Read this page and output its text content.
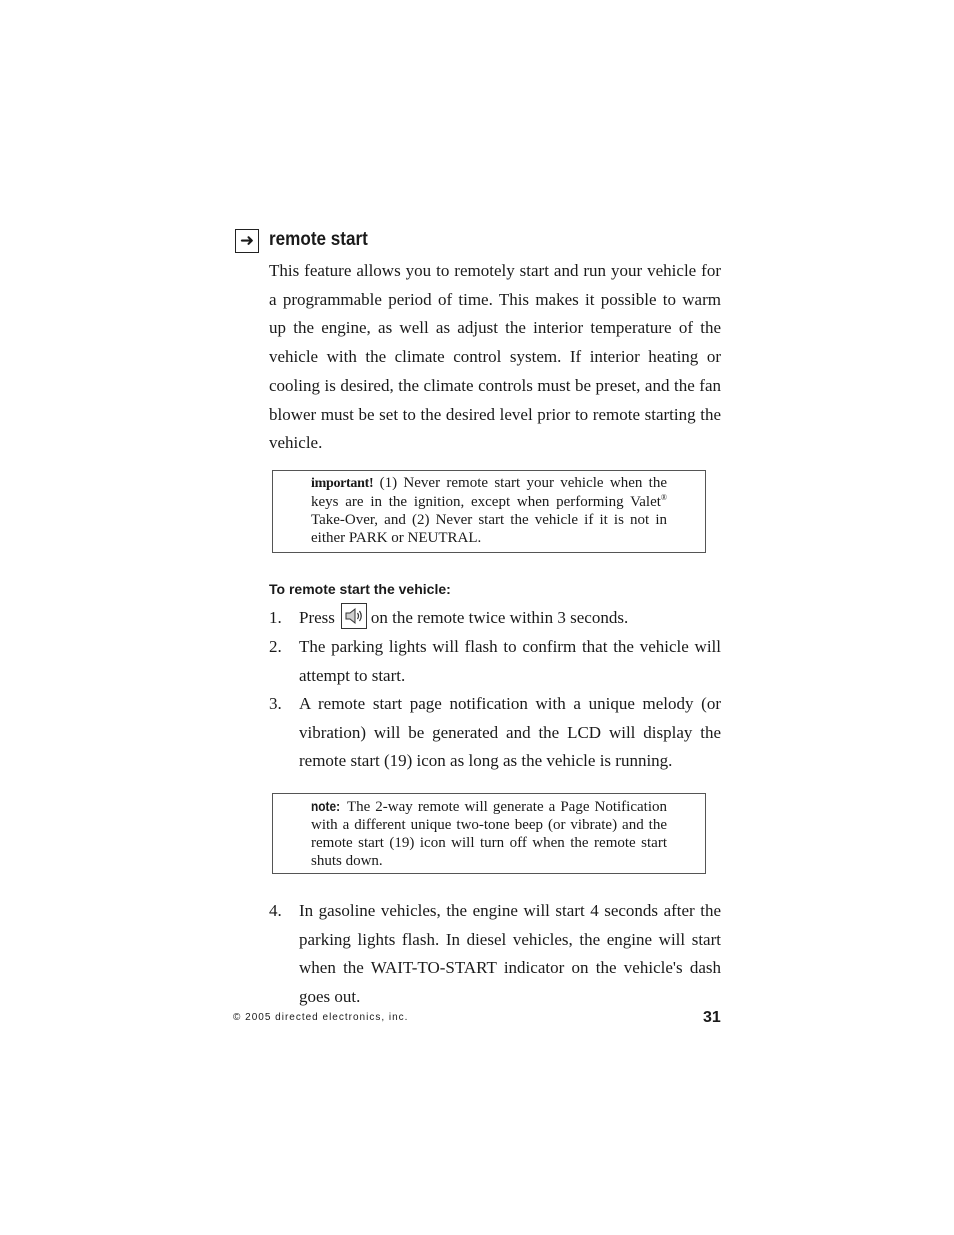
➜ remote start

This feature allows you to remotely start and run your vehicle for a programmable period of time. This makes it possible to warm up the engine, as well as adjust the interior temperature of the vehicle with the climate control system. If interior heating or cooling is desired, the climate controls must be preset, and the fan blower must be set to the desired level prior to remote starting the vehicle.

important! (1) Never remote start your vehicle when the keys are in the ignition, except when performing Valet® Take-Over, and (2) Never start the vehicle if it is not in either PARK or NEUTRAL.
To remote start the vehicle:
1. Press on the remote twice within 3 seconds.
2. The parking lights will flash to confirm that the vehicle will attempt to start.
3. A remote start page notification with a unique melody (or vibration) will be generated and the LCD will display the remote start (19) icon as long as the vehicle is running.
note: The 2-way remote will generate a Page Notification with a different unique two-tone beep (or vibrate) and the remote start (19) icon will turn off when the remote start shuts down.
4. In gasoline vehicles, the engine will start 4 seconds after the parking lights flash. In diesel vehicles, the engine will start when the WAIT-TO-START indicator on the vehicle's dash goes out.
© 2005 directed electronics, inc.	31
